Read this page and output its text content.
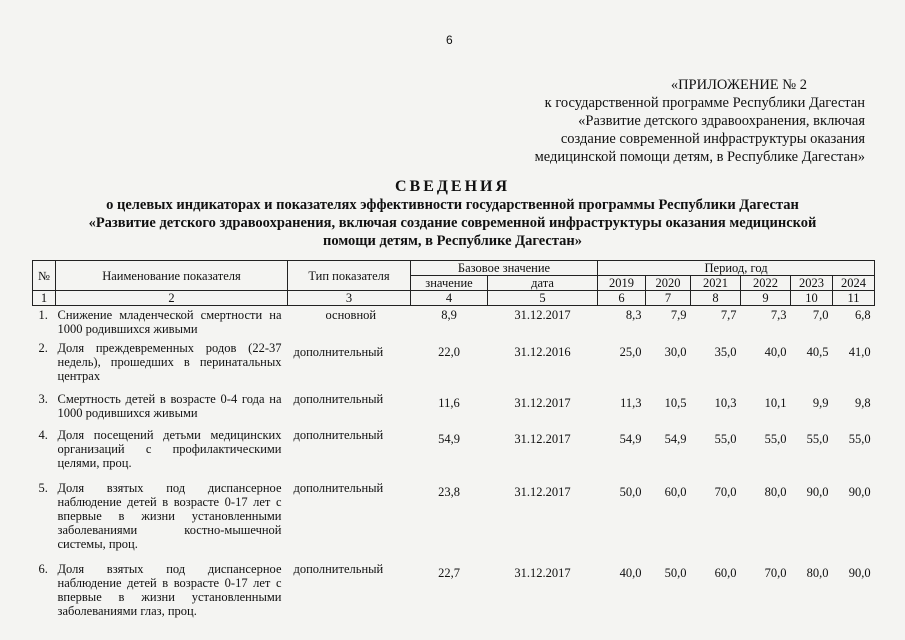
6
«ПРИЛОЖЕНИЕ № 2
к государственной программе Республики Дагестан
«Развитие детского здравоохранения, включая
создание современной инфраструктуры оказания
медицинской помощи детям, в Республике Дагестан»
СВЕДЕНИЯ
о целевых индикаторах и показателях эффективности государственной программы Республики Дагестан
«Развитие детского здравоохранения, включая создание современной инфраструктуры оказания медицинской
помощи детям, в Республике Дагестан»
№	Наименование показателя	Тип показателя	Базовое значение		Период, год					
			значение	дата	2019	2020	2021	2022	2023	2024
1	2	3	4	5	6	7	8	9	10	11
1.	Снижение младенческой смертности на 1000 родившихся живыми	основной	8,9	31.12.2017	8,3	7,9	7,7	7,3	7,0	6,8
2.	Доля преждевременных родов (22-37 недель), прошедших в перинатальных центрах	дополнительный	22,0	31.12.2016	25,0	30,0	35,0	40,0	40,5	41,0
3.	Смертность детей в возрасте 0-4 года на 1000 родившихся живыми	дополнительный	11,6	31.12.2017	11,3	10,5	10,3	10,1	9,9	9,8
4.	Доля посещений детьми медицинских организаций с профилактическими целями, проц.	дополнительный	54,9	31.12.2017	54,9	54,9	55,0	55,0	55,0	55,0
5.	Доля взятых под диспансерное наблюдение детей в возрасте 0-17 лет с впервые в жизни установленными заболеваниями костно-мышечной системы, проц.	дополнительный	23,8	31.12.2017	50,0	60,0	70,0	80,0	90,0	90,0
6.	Доля взятых под диспансерное наблюдение детей в возрасте 0-17 лет с впервые в жизни установленными заболеваниями глаз, проц.	дополнительный	22,7	31.12.2017	40,0	50,0	60,0	70,0	80,0	90,0
